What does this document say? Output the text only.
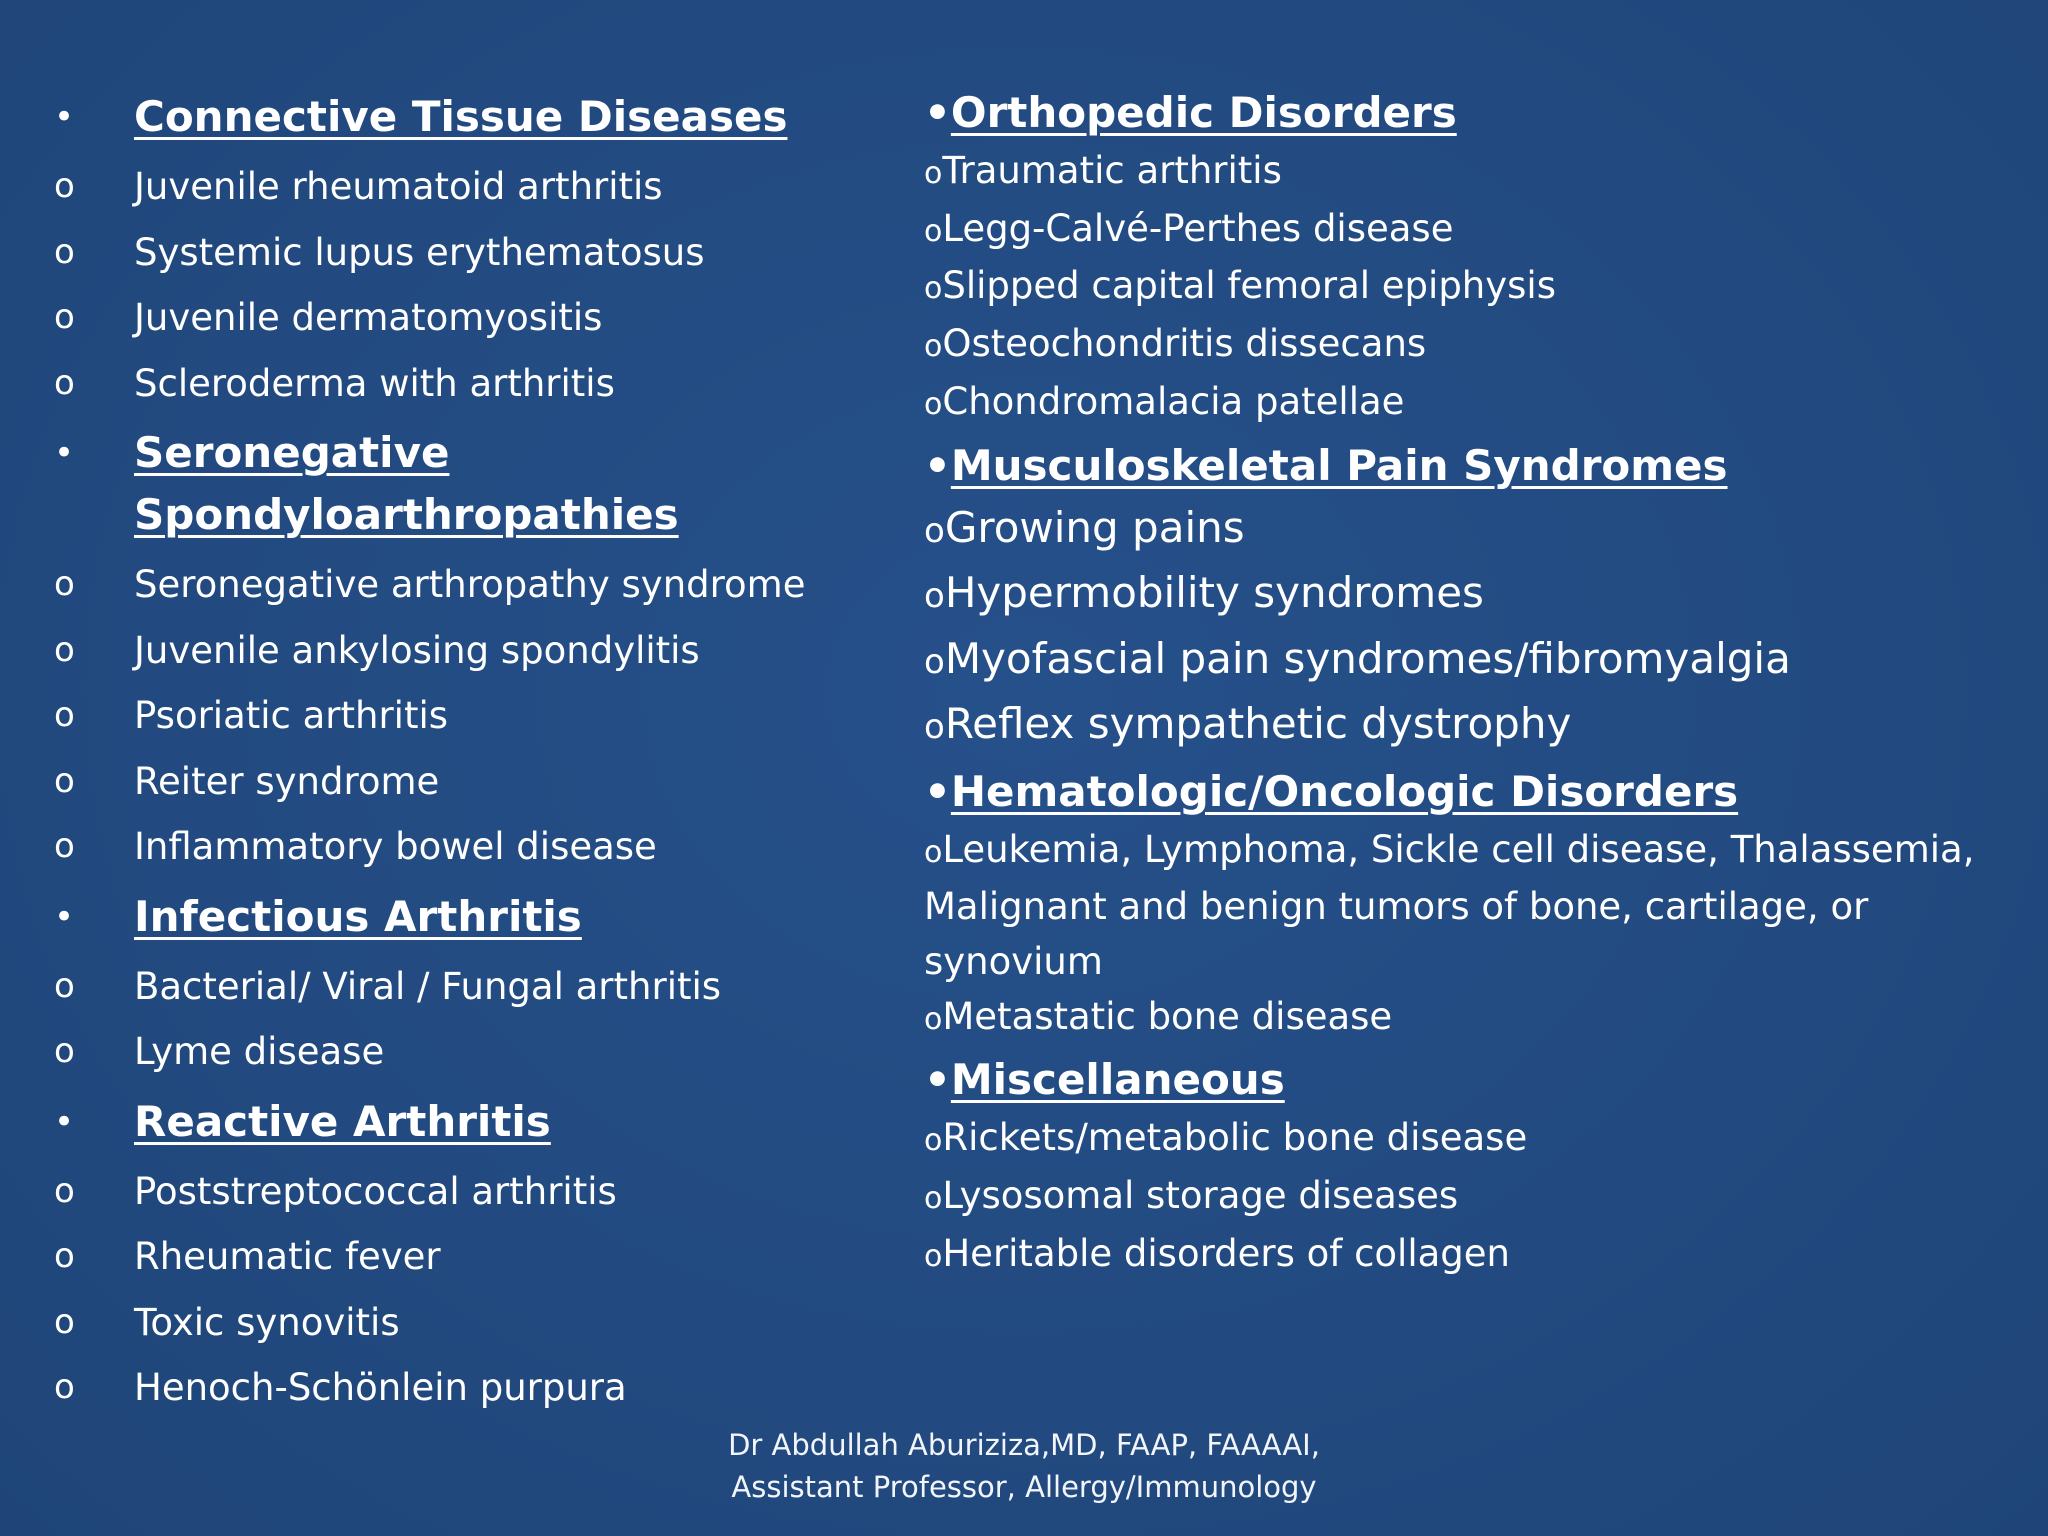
•	Connective Tissue Diseases
o	Juvenile rheumatoid arthritis
o	Systemic lupus erythematosus
o	Juvenile dermatomyositis
o	Scleroderma with arthritis
•	Seronegative
Spondyloarthropathies
o	Seronegative arthropathy syndrome
o	Juvenile ankylosing spondylitis
o	Psoriatic arthritis
o	Reiter syndrome
o	Inflammatory bowel disease
•	Infectious Arthritis
o	Bacterial/ Viral / Fungal arthritis
o	Lyme disease
•	Reactive Arthritis
o	Poststreptococcal arthritis
o	Rheumatic fever
o	Toxic synovitis
o	Henoch-Schönlein purpura
•Orthopedic Disorders
oTraumatic arthritis
oLegg-Calvé-Perthes disease
oSlipped capital femoral epiphysis
oOsteochondritis dissecans
oChondromalacia patellae
•Musculoskeletal Pain Syndromes
oGrowing pains
oHypermobility syndromes
oMyofascial pain syndromes/fibromyalgia
oReflex sympathetic dystrophy
•Hematologic/Oncologic Disorders
oLeukemia, Lymphoma, Sickle cell disease, Thalassemia,
Malignant and benign tumors of bone, cartilage, or
synovium
oMetastatic bone disease
•Miscellaneous
oRickets/metabolic bone disease
oLysosomal storage diseases
oHeritable disorders of collagen
Dr Abdullah Aburiziza,MD, FAAP, FAAAAI,
Assistant Professor, Allergy/Immunology
